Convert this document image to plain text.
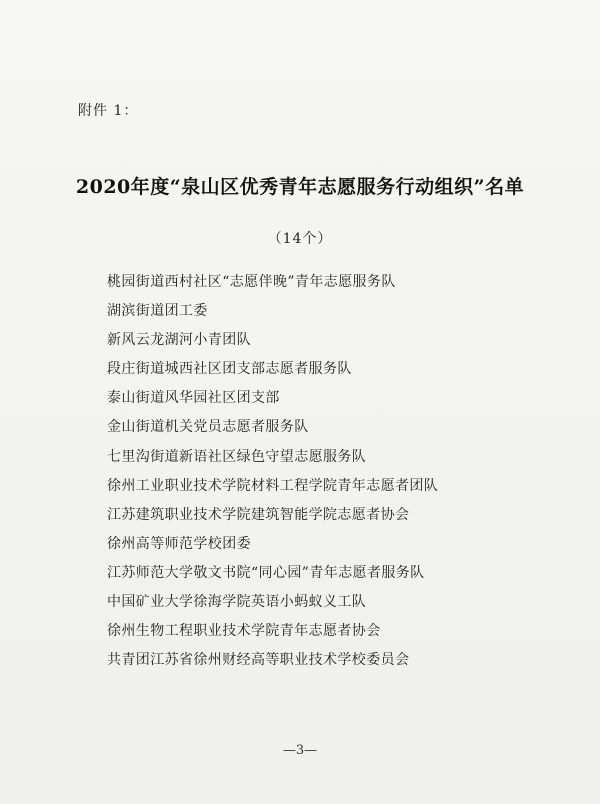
附件 1：
2020年度“泉山区优秀青年志愿服务行动组织”名单
（14个）
桃园街道西村社区“志愿伴晚”青年志愿服务队
湖滨街道团工委
新风云龙湖河小青团队
段庄街道城西社区团支部志愿者服务队
泰山街道风华园社区团支部
金山街道机关党员志愿者服务队
七里沟街道新语社区绿色守望志愿服务队
徐州工业职业技术学院材料工程学院青年志愿者团队
江苏建筑职业技术学院建筑智能学院志愿者协会
徐州高等师范学校团委
江苏师范大学敬文书院“同心园”青年志愿者服务队
中国矿业大学徐海学院英语小蚂蚁义工队
徐州生物工程职业技术学院青年志愿者协会
共青团江苏省徐州财经高等职业技术学校委员会
—3—
